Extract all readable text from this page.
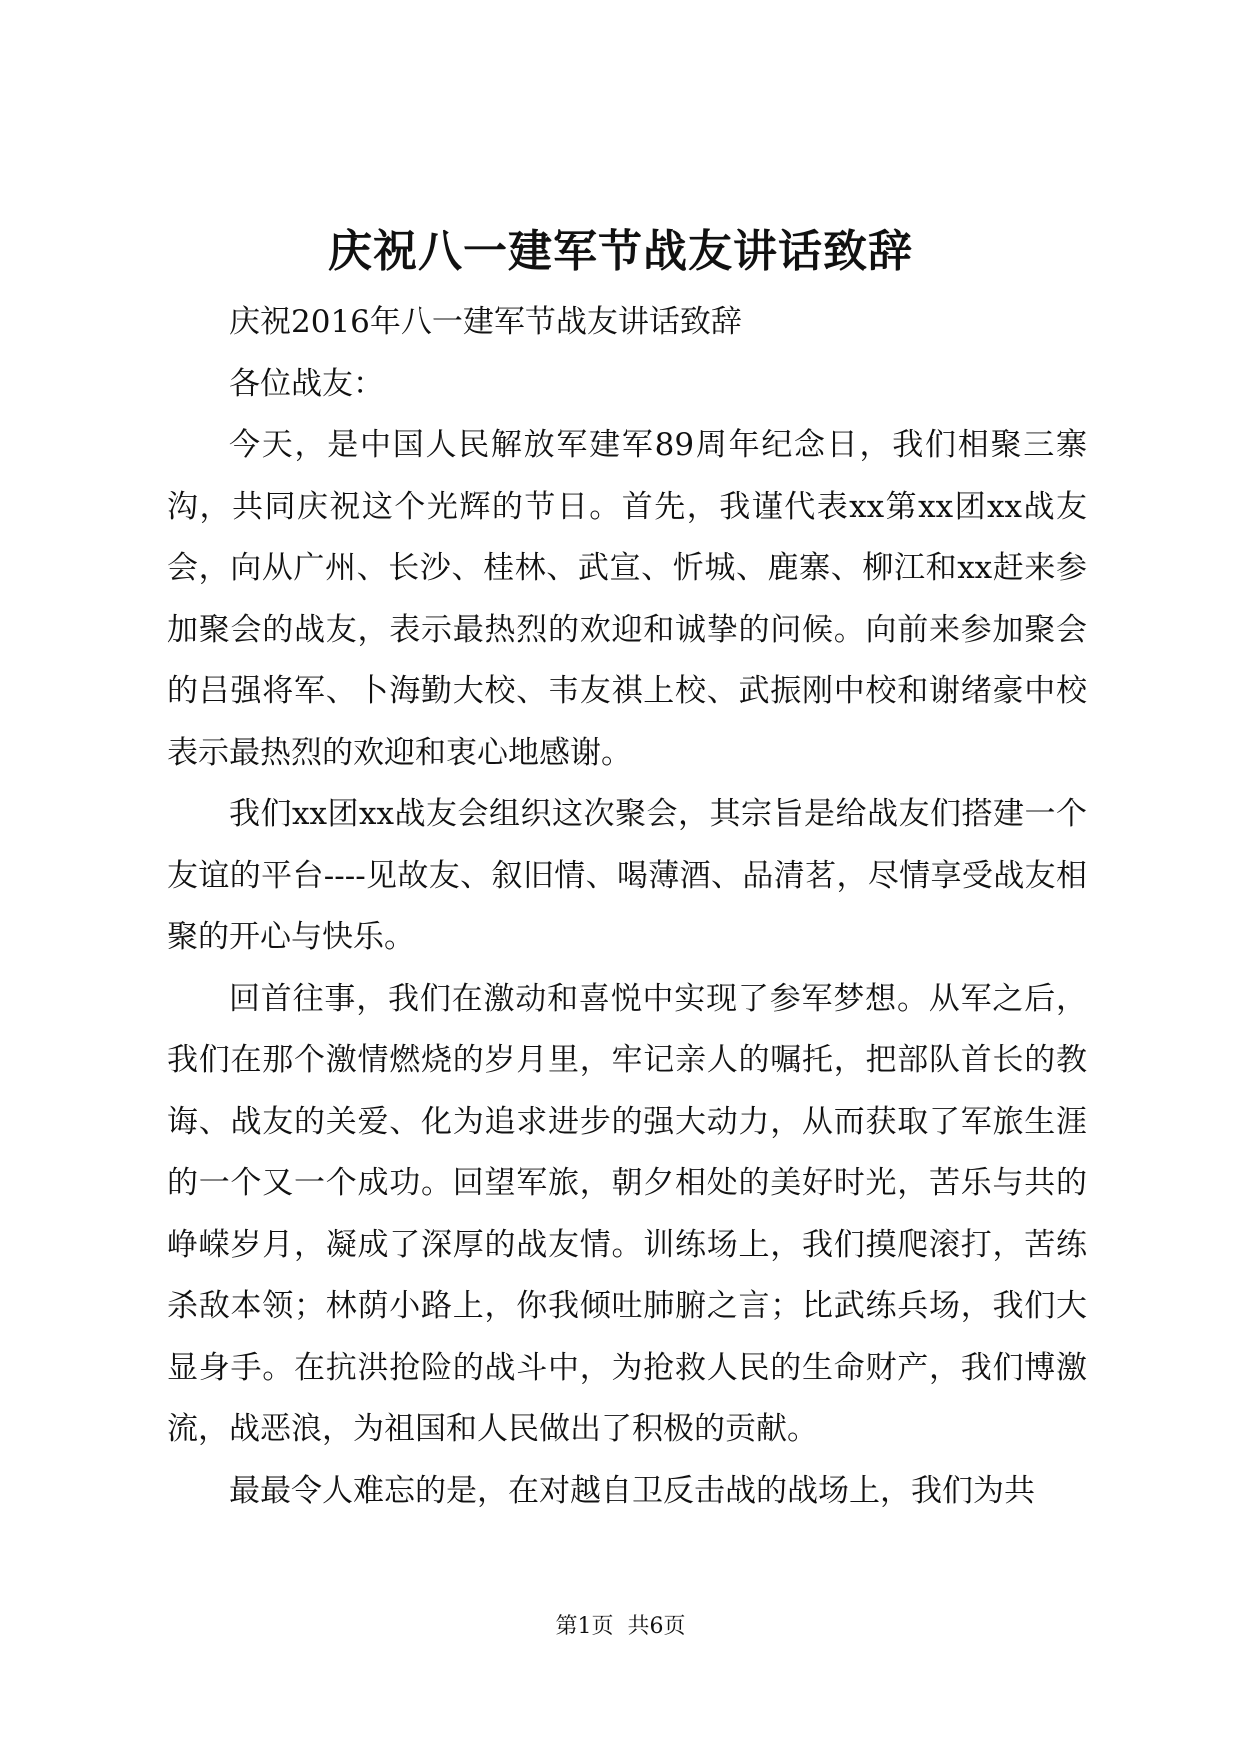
庆祝八一建军节战友讲话致辞

庆祝2016年八一建军节战友讲话致辞

各位战友：

今天，是中国人民解放军建军89周年纪念日，我们相聚三寨沟，共同庆祝这个光辉的节日。首先，我谨代表xx第xx团xx战友会，向从广州、长沙、桂林、武宣、忻城、鹿寨、柳江和xx赶来参加聚会的战友，表示最热烈的欢迎和诚挚的问候。向前来参加聚会的吕强将军、卜海勤大校、韦友祺上校、武振刚中校和谢绪豪中校表示最热烈的欢迎和衷心地感谢。

我们xx团xx战友会组织这次聚会，其宗旨是给战友们搭建一个友谊的平台----见故友、叙旧情、喝薄酒、品清茗，尽情享受战友相聚的开心与快乐。

回首往事，我们在激动和喜悦中实现了参军梦想。从军之后，我们在那个激情燃烧的岁月里，牢记亲人的嘱托，把部队首长的教诲、战友的关爱、化为追求进步的强大动力，从而获取了军旅生涯的一个又一个成功。回望军旅，朝夕相处的美好时光，苦乐与共的峥嵘岁月，凝成了深厚的战友情。训练场上，我们摸爬滚打，苦练杀敌本领；林荫小路上，你我倾吐肺腑之言；比武练兵场，我们大显身手。在抗洪抢险的战斗中，为抢救人民的生命财产，我们博激流，战恶浪，为祖国和人民做出了积极的贡献。

最最令人难忘的是，在对越自卫反击战的战场上，我们为共

第1页  共6页
